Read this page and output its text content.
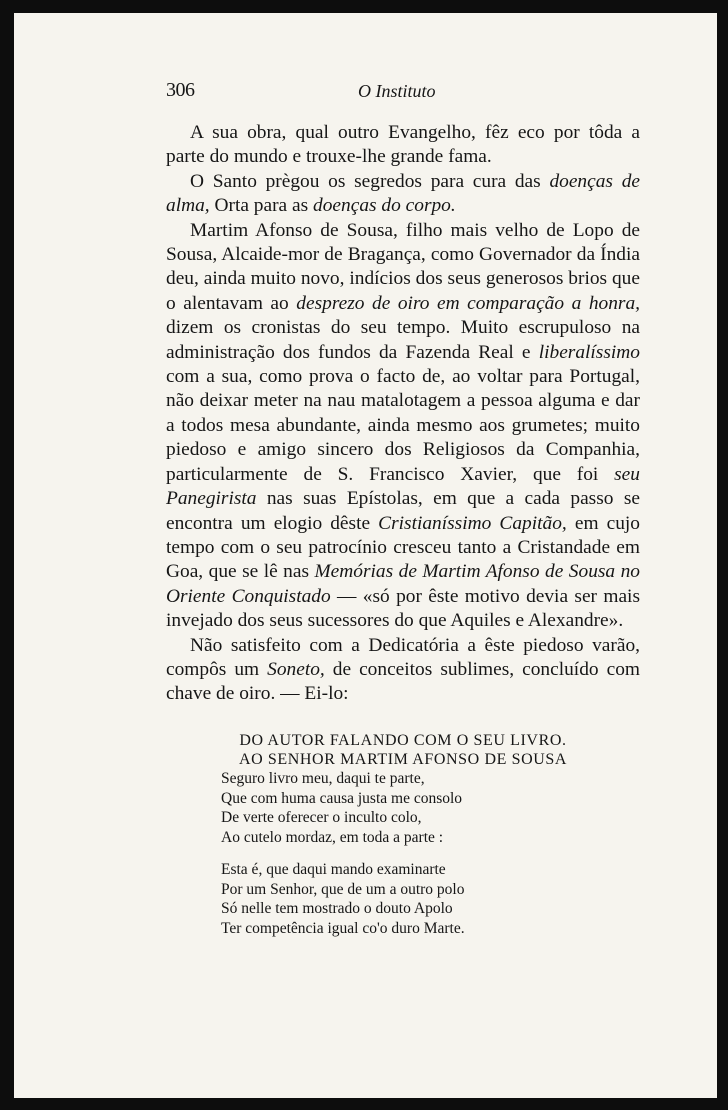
306	O Instituto

A sua obra, qual outro Evangelho, fêz eco por tôda a parte do mundo e trouxe-lhe grande fama.

O Santo prègou os segredos para cura das doenças de alma, Orta para as doenças do corpo.

Martim Afonso de Sousa, filho mais velho de Lopo de Sousa, Alcaide-mor de Bragança, como Governador da Índia deu, ainda muito novo, indícios dos seus generosos brios que o alentavam ao desprezo de oiro em comparação a honra, dizem os cronistas do seu tempo. Muito escrupuloso na administração dos fundos da Fazenda Real e liberalíssimo com a sua, como prova o facto de, ao voltar para Portugal, não deixar meter na nau matalotagem a pessoa alguma e dar a todos mesa abundante, ainda mesmo aos grumetes; muito piedoso e amigo sincero dos Religiosos da Companhia, particularmente de S. Francisco Xavier, que foi seu Panegirista nas suas Epístolas, em que a cada passo se encontra um elogio dêste Cristianíssimo Capitão, em cujo tempo com o seu patrocínio cresceu tanto a Cristandade em Goa, que se lê nas Memórias de Martim Afonso de Sousa no Oriente Conquistado — «só por êste motivo devia ser mais invejado dos seus sucessores do que Aquiles e Alexandre».

Não satisfeito com a Dedicatória a êste piedoso varão, compôs um Soneto, de conceitos sublimes, concluído com chave de oiro. — Ei-lo:

DO AUTOR FALANDO COM O SEU LIVRO.
AO SENHOR MARTIM AFONSO DE SOUSA
Seguro livro meu, daqui te parte,
Que com huma causa justa me consolo
De verte oferecer o inculto colo,
Ao cutelo mordaz, em toda a parte :
Esta é, que daqui mando examinarte
Por um Senhor, que de um a outro polo
Só nelle tem mostrado o douto Apolo
Ter competência igual co'o duro Marte.
